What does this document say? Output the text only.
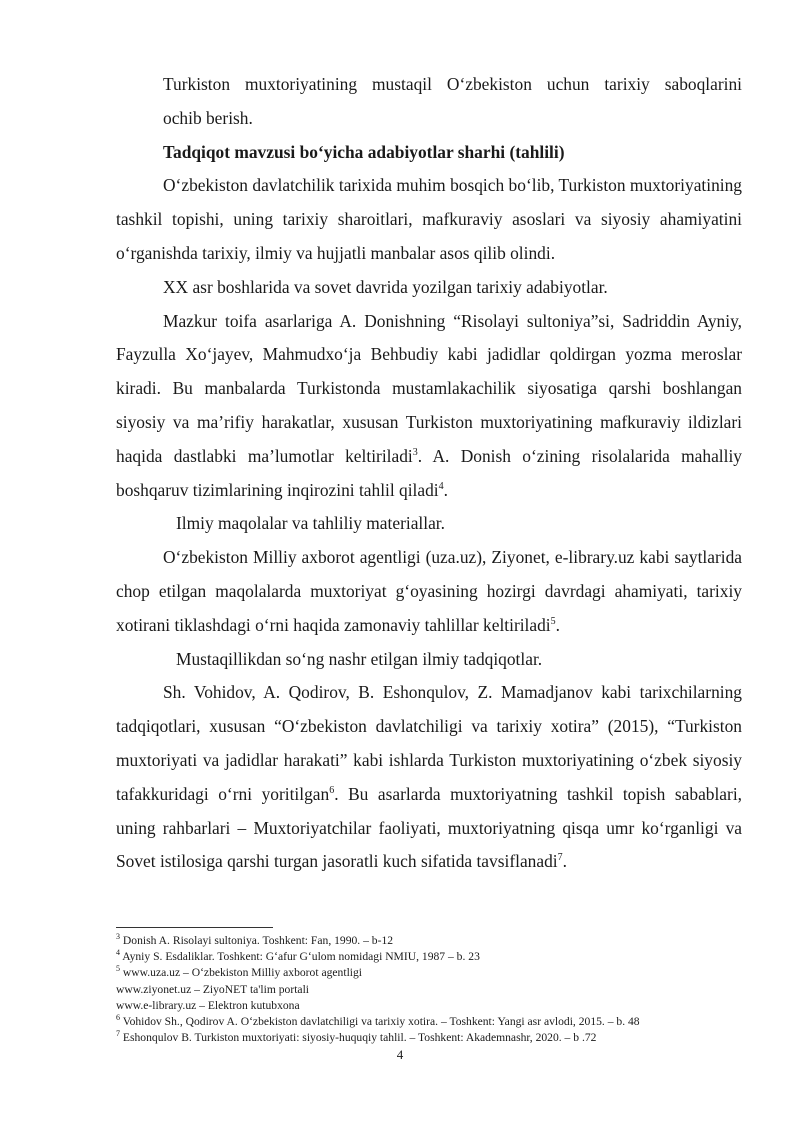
Turkiston muxtoriyatining mustaqil O‘zbekiston uchun tarixiy saboqlarini

ochib berish.

Tadqiqot mavzusi bo‘yicha adabiyotlar sharhi (tahlili)

O‘zbekiston davlatchilik tarixida muhim bosqich bo‘lib, Turkiston muxtoriyatining tashkil topishi, uning tarixiy sharoitlari, mafkuraviy asoslari va siyosiy ahamiyatini o‘rganishda tarixiy, ilmiy va hujjatli manbalar asos qilib olindi.

XX asr boshlarida va sovet davrida yozilgan tarixiy adabiyotlar.

Mazkur toifa asarlariga A. Donishning “Risolayi sultoniya”si, Sadriddin Ayniy, Fayzulla Xo‘jayev, Mahmudxo‘ja Behbudiy kabi jadidlar qoldirgan yozma meroslar kiradi. Bu manbalarda Turkistonda mustamlakachilik siyosatiga qarshi boshlangan siyosiy va ma’rifiy harakatlar, xususan Turkiston muxtoriyatining mafkuraviy ildizlari haqida dastlabki ma’lumotlar keltiriladi$^3$. A. Donish o‘zining risolalarida mahalliy boshqaruv tizimlarining inqirozini tahlil qiladi$^4$.

Ilmiy maqolalar va tahliliy materiallar.

O‘zbekiston Milliy axborot agentligi (uza.uz), Ziyonet, e-library.uz kabi saytlarida chop etilgan maqolalarda muxtoriyat g‘oyasining hozirgi davrdagi ahamiyati, tarixiy xotirani tiklashdagi o‘rni haqida zamonaviy tahlillar keltiriladi$^5$.

Mustaqillikdan so‘ng nashr etilgan ilmiy tadqiqotlar.

Sh. Vohidov, A. Qodirov, B. Eshonqulov, Z. Mamadjanov kabi tarixchilarning tadqiqotlari, xususan “O‘zbekiston davlatchiligi va tarixiy xotira” (2015), “Turkiston muxtoriyati va jadidlar harakati” kabi ishlarda Turkiston muxtoriyatining o‘zbek siyosiy tafakkuridagi o‘rni yoritilgan$^6$. Bu asarlarda muxtoriyatning tashkil topish sabablari, uning rahbarlari – Muxtoriyatchilar faoliyati, muxtoriyatning qisqa umr ko‘rganligi va Sovet istilosiga qarshi turgan jasoratli kuch sifatida tavsiflanadi$^7$.

$^3$ Donish A. Risolayi sultoniya. Toshkent: Fan, 1990. – b-12

$^4$ Ayniy S. Esdaliklar. Toshkent: G‘afur G‘ulom nomidagi NMIU, 1987 – b. 23

$^5$ www.uza.uz – O‘zbekiston Milliy axborot agentligi

www.ziyonet.uz – ZiyoNET ta'lim portali

www.e-library.uz – Elektron kutubxona

$^6$ Vohidov Sh., Qodirov A. O‘zbekiston davlatchiligi va tarixiy xotira. – Toshkent: Yangi asr avlodi, 2015. – b. 48

$^7$ Eshonqulov B. Turkiston muxtoriyati: siyosiy-huquqiy tahlil. – Toshkent: Akademnashr, 2020. – b .72

4
